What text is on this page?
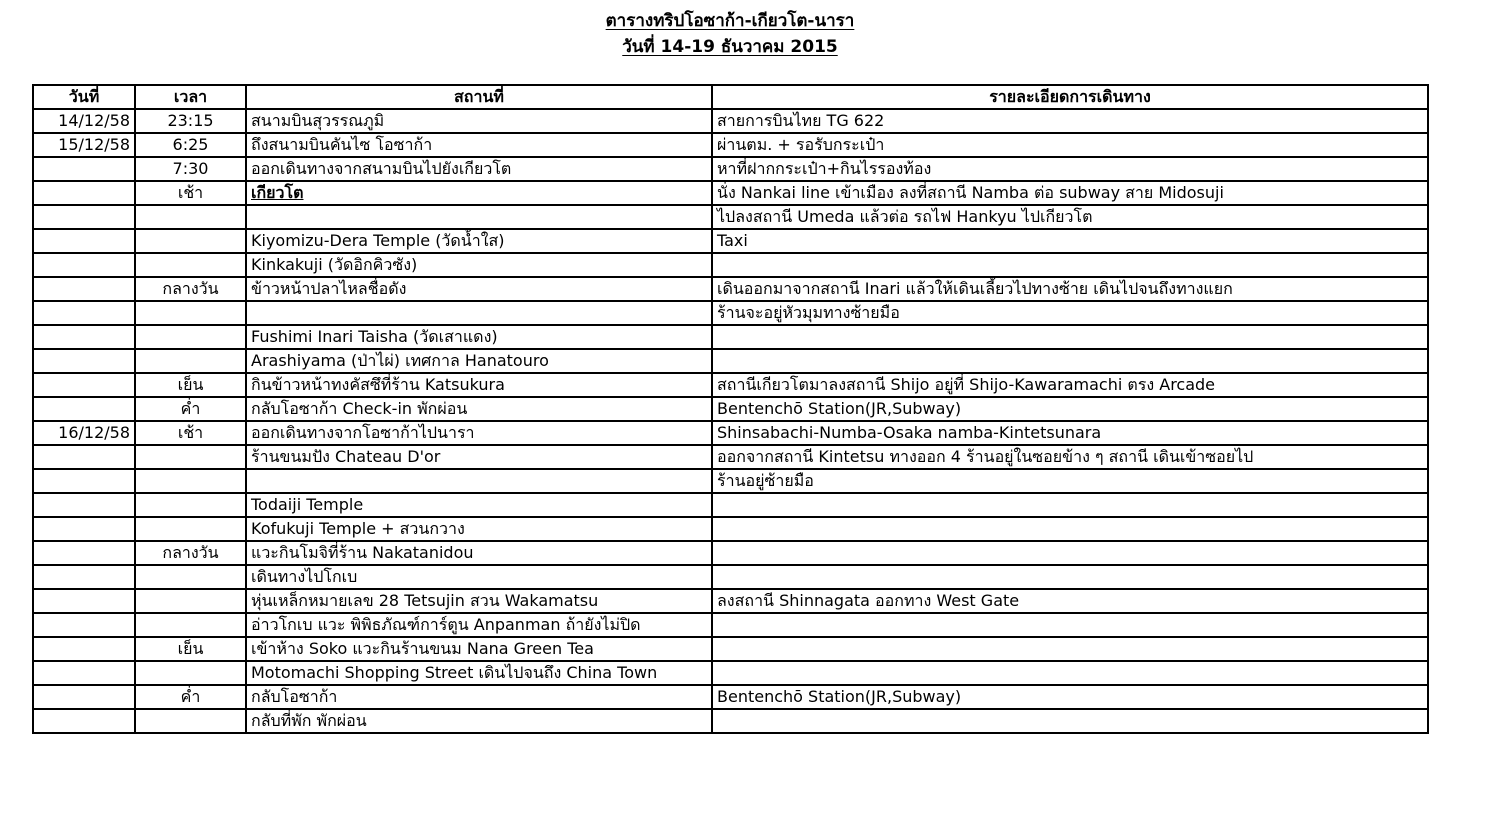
ตารางทริปโอซาก้า-เกียวโต-นารา
วันที่ 14-19 ธันวาคม 2015
วันที่	เวลา	สถานที่	รายละเอียดการเดินทาง
14/12/58	23:15	สนามบินสุวรรณภูมิ	สายการบินไทย TG 622
15/12/58	6:25	ถึงสนามบินคันไซ โอซาก้า	ผ่านตม. + รอรับกระเป๋า
	7:30	ออกเดินทางจากสนามบินไปยังเกียวโต	หาที่ฝากกระเป๋า+กินไรรองท้อง
	เช้า	เกียวโต	นั่ง Nankai line เข้าเมือง ลงที่สถานี Namba ต่อ subway สาย Midosuji
			ไปลงสถานี Umeda แล้วต่อ รถไฟ Hankyu ไปเกียวโต
		Kiyomizu-Dera Temple (วัดน้ำใส)	Taxi
		Kinkakuji (วัดอิกคิวซัง)	
	กลางวัน	ข้าวหน้าปลาไหลชื่อดัง	เดินออกมาจากสถานี Inari แล้วให้เดินเลี้ยวไปทางซ้าย เดินไปจนถึงทางแยก
			ร้านจะอยู่หัวมุมทางซ้ายมือ
		Fushimi Inari Taisha (วัดเสาแดง)	
		Arashiyama (ป่าไผ่) เทศกาล Hanatouro	
	เย็น	กินข้าวหน้าทงคัสซึที่ร้าน Katsukura	สถานีเกียวโตมาลงสถานี Shijo อยู่ที่ Shijo-Kawaramachi ตรง Arcade
	ค่ำ	กลับโอซาก้า Check-in พักผ่อน	Bentenchō Station(JR,Subway)
16/12/58	เช้า	ออกเดินทางจากโอซาก้าไปนารา	Shinsabachi-Numba-Osaka namba-Kintetsunara
		ร้านขนมปัง Chateau D'or	ออกจากสถานี Kintetsu ทางออก 4 ร้านอยู่ในซอยข้าง ๆ สถานี เดินเข้าซอยไป
			ร้านอยู่ซ้ายมือ
		Todaiji Temple	
		Kofukuji Temple + สวนกวาง	
	กลางวัน	แวะกินโมจิที่ร้าน Nakatanidou	
		เดินทางไปโกเบ	
		หุ่นเหล็กหมายเลข 28 Tetsujin สวน Wakamatsu	ลงสถานี Shinnagata ออกทาง West Gate
		อ่าวโกเบ แวะ พิพิธภัณฑ์การ์ตูน Anpanman ถ้ายังไม่ปิด	
	เย็น	เข้าห้าง Soko แวะกินร้านขนม Nana Green Tea	
		Motomachi Shopping Street เดินไปจนถึง China Town	
	ค่ำ	กลับโอซาก้า	Bentenchō Station(JR,Subway)
		กลับที่พัก พักผ่อน	
